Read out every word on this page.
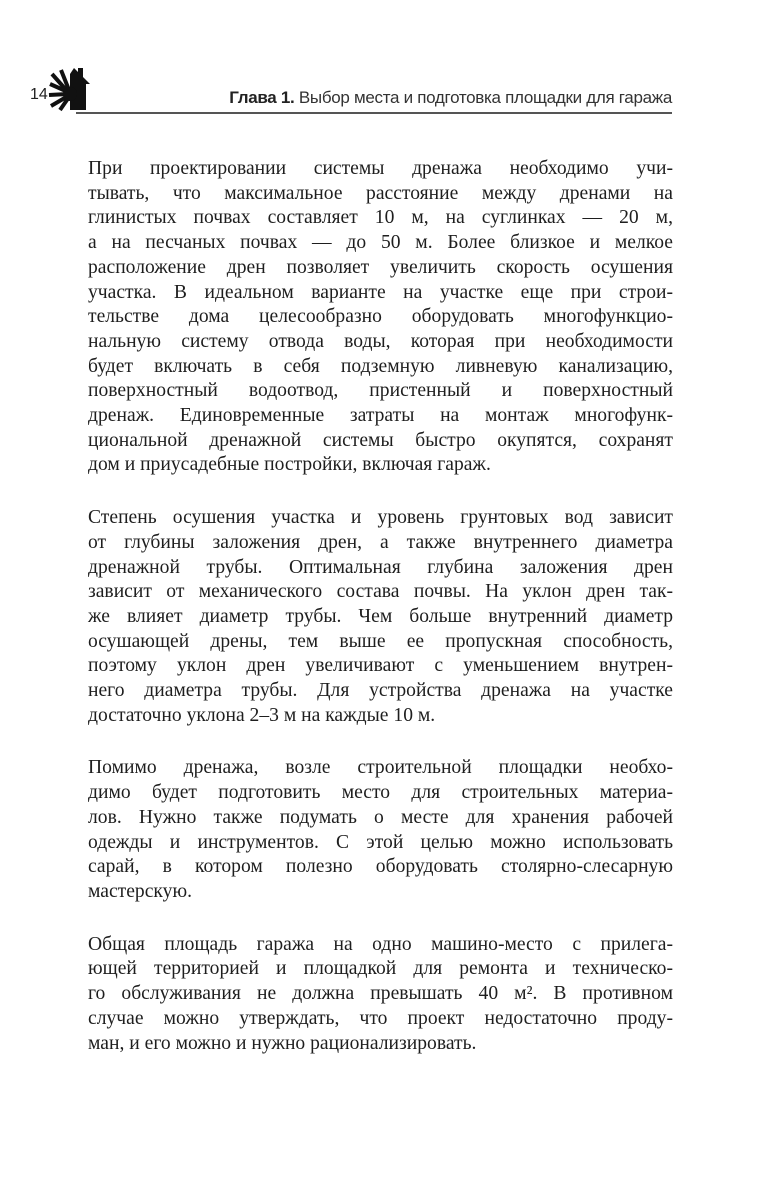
14	Глава 1. Выбор места и подготовка площадки для гаража

При проектировании системы дренажа необходимо учи-
тывать, что максимальное расстояние между дренами на
глинистых почвах составляет 10 м, на суглинках — 20 м,
а на песчаных почвах — до 50 м. Более близкое и мелкое
расположение дрен позволяет увеличить скорость осушения
участка. В идеальном варианте на участке еще при строи-
тельстве дома целесообразно оборудовать многофункцио-
нальную систему отвода воды, которая при необходимости
будет включать в себя подземную ливневую канализацию,
поверхностный водоотвод, пристенный и поверхностный
дренаж. Единовременные затраты на монтаж многофунк-
циональной дренажной системы быстро окупятся, сохранят
дом и приусадебные постройки, включая гараж.

Степень осушения участка и уровень грунтовых вод зависит
от глубины заложения дрен, а также внутреннего диаметра
дренажной трубы. Оптимальная глубина заложения дрен
зависит от механического состава почвы. На уклон дрен так-
же влияет диаметр трубы. Чем больше внутренний диаметр
осушающей дрены, тем выше ее пропускная способность,
поэтому уклон дрен увеличивают с уменьшением внутрен-
него диаметра трубы. Для устройства дренажа на участке
достаточно уклона 2–3 м на каждые 10 м.

Помимо дренажа, возле строительной площадки необхо-
димо будет подготовить место для строительных материа-
лов. Нужно также подумать о месте для хранения рабочей
одежды и инструментов. С этой целью можно использовать
сарай, в котором полезно оборудовать столярно-слесарную
мастерскую.

Общая площадь гаража на одно машино-место с прилега-
ющей территорией и площадкой для ремонта и техническо-
го обслуживания не должна превышать 40 м². В противном
случае можно утверждать, что проект недостаточно проду-
ман, и его можно и нужно рационализировать.
